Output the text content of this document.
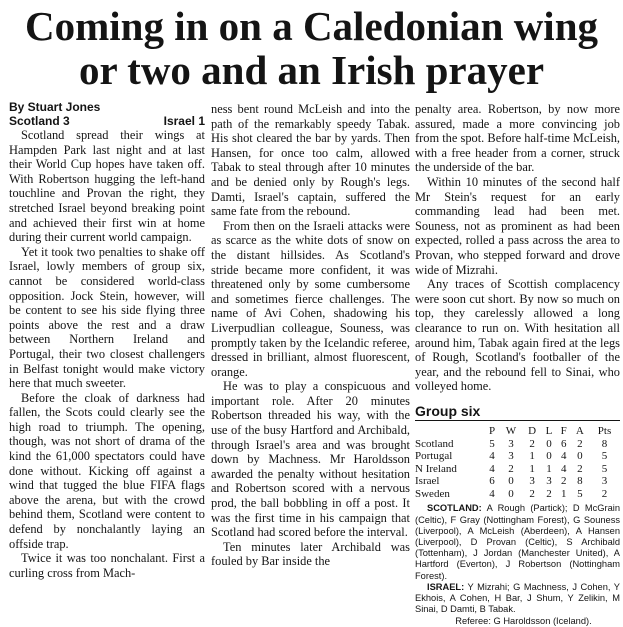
Coming in on a Caledonian wing
or two and an Irish prayer
By Stuart Jones
Scotland 3	Israel 1

Scotland spread their wings at Hampden Park last night and at last their World Cup hopes have taken off. With Robertson hugging the left-hand touchline and Provan the right, they stretched Israel beyond breaking point and achieved their first win at home during their current world campaign.

Yet it took two penalties to shake off Israel, lowly members of group six, cannot be considered world-class opposition. Jock Stein, however, will be content to see his side flying three points above the rest and a draw between Northern Ireland and Portugal, their two closest challengers in Belfast tonight would make victory here that much sweeter.

Before the cloak of darkness had fallen, the Scots could clearly see the high road to triumph. The opening, though, was not short of drama of the kind the 61,000 spectators could have done without. Kicking off against a wind that tugged the blue FIFA flags above the arena, but with the crowd behind them, Scotland were content to defend by nonchalantly laying an offside trap.

Twice it was too nonchalant. First a curling cross from Mach-

ness bent round McLeish and into the path of the remarkably speedy Tabak. His shot cleared the bar by yards. Then Hansen, for once too calm, allowed Tabak to steal through after 10 minutes and be denied only by Rough's legs. Damti, Israel's captain, suffered the same fate from the rebound.

From then on the Israeli attacks were as scarce as the white dots of snow on the distant hillsides. As Scotland's stride became more confident, it was threatened only by some cumbersome and sometimes fierce challenges. The name of Avi Cohen, shadowing his Liverpudlian colleague, Souness, was promptly taken by the Icelandic referee, dressed in brilliant, almost fluorescent, orange.

He was to play a conspicuous and important role. After 20 minutes Robertson threaded his way, with the use of the busy Hartford and Archibald, through Israel's area and was brought down by Machness. Mr Haroldsson awarded the penalty without hesitation and Robertson scored with a nervous prod, the ball bobbling in off a post. It was the first time in his campaign that Scotland had scored before the interval.

Ten minutes later Archibald was fouled by Bar inside the

penalty area. Robertson, by now more assured, made a more convincing job from the spot. Before half-time McLeish, with a free header from a corner, struck the underside of the bar.

Within 10 minutes of the second half Mr Stein's request for an early commanding lead had been met. Souness, not as prominent as had been expected, rolled a pass across the area to Provan, who stepped forward and drove wide of Mizrahi.

Any traces of Scottish complacency were soon cut short. By now so much on top, they carelessly allowed a long clearance to run on. With hesitation all around him, Tabak again fired at the legs of Rough, Scotland's footballer of the year, and the rebound fell to Sinai, who volleyed home.

Group six
	P	W	D	L	F	A	Pts
Scotland	5	3	2	0	6	2	8
Portugal	4	3	1	0	4	0	5
N Ireland	4	2	1	1	4	2	5
Israel	6	0	3	3	2	8	3
Sweden	4	0	2	2	1	5	2

SCOTLAND: A Rough (Partick); D McGrain (Celtic), F Gray (Nottingham Forest), G Souness (Liverpool), A McLeish (Aberdeen), A Hansen (Liverpool), D Provan (Celtic), S Archibald (Tottenham), J Jordan (Manchester United), A Hartford (Everton), J Robertson (Nottingham Forest).

ISRAEL: Y Mizrahi; G Machness, J Cohen, Y Ekhois, A Cohen, H Bar, J Shum, Y Zelikin, M Sinai, D Damti, B Tabak.

Referee: G Haroldsson (Iceland).
